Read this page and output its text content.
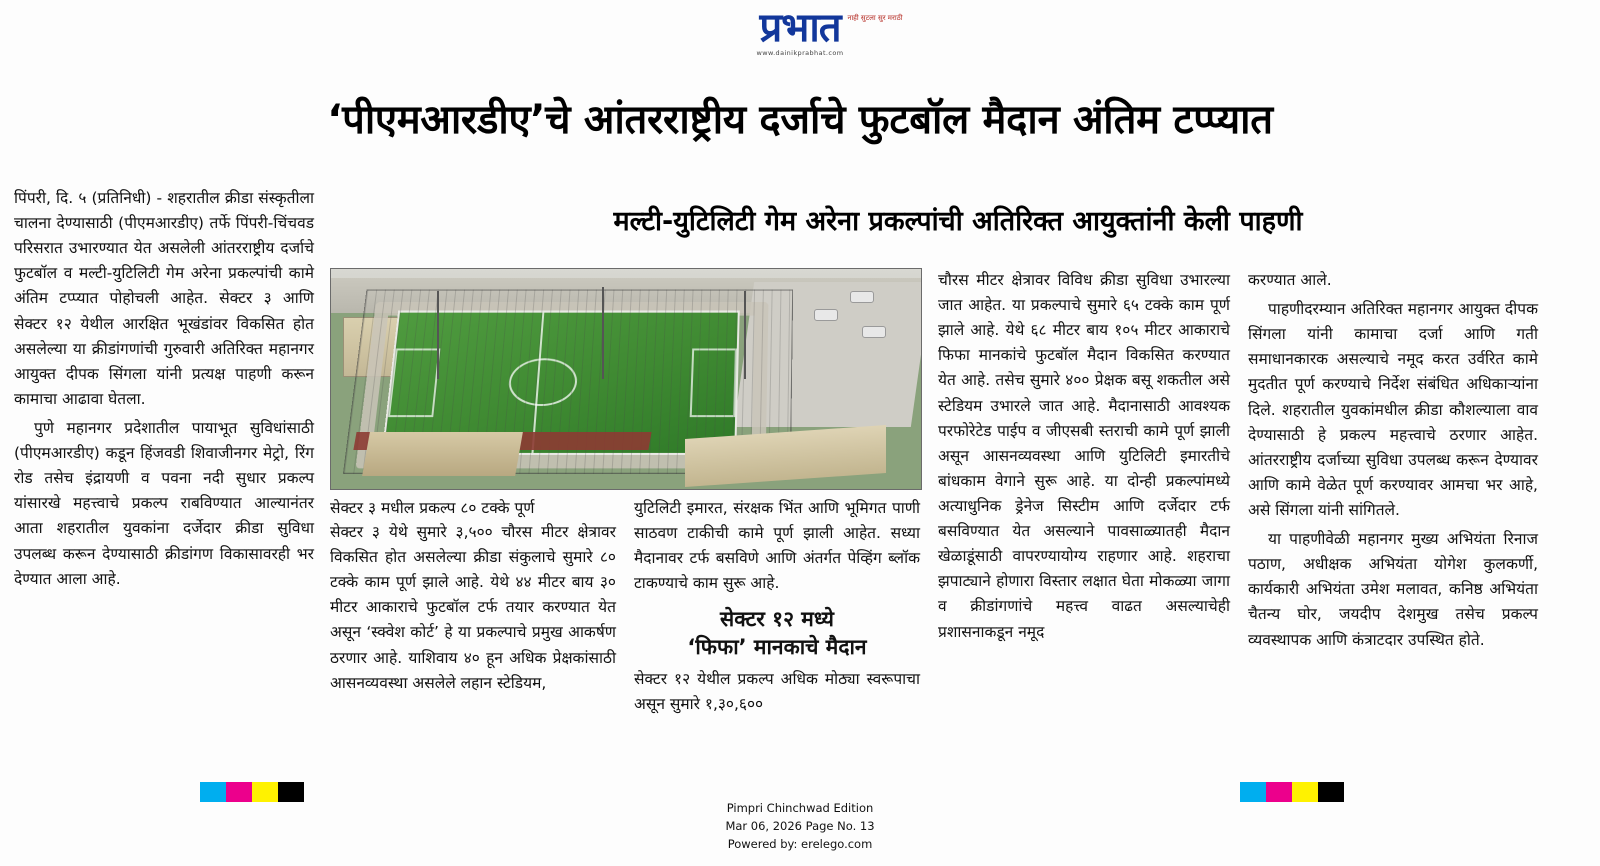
प्रभात नाही सुटला सुर मराठी
www.dainikprabhat.com
‘पीएमआरडीए’चे आंतरराष्ट्रीय दर्जाचे फुटबॉल मैदान अंतिम टप्प्यात
मल्टी-युटिलिटी गेम अरेना प्रकल्पांची अतिरिक्त आयुक्तांनी केली पाहणी

पिंपरी, दि. ५ (प्रतिनिधी) - शहरातील क्रीडा संस्कृतीला चालना देण्यासाठी (पीएमआरडीए) तर्फे पिंपरी-चिंचवड परिसरात उभारण्यात येत असलेली आंतरराष्ट्रीय दर्जाचे फुटबॉल व मल्टी-युटिलिटी गेम अरेना प्रकल्पांची कामे अंतिम टप्प्यात पोहोचली आहेत. सेक्टर ३ आणि सेक्टर १२ येथील आरक्षित भूखंडांवर विकसित होत असलेल्या या क्रीडांगणांची गुरुवारी अतिरिक्त महानगर आयुक्त दीपक सिंगला यांनी प्रत्यक्ष पाहणी करून कामाचा आढावा घेतला.

पुणे महानगर प्रदेशातील पायाभूत सुविधांसाठी (पीएमआरडीए) कडून हिंजवडी शिवाजीनगर मेट्रो, रिंग रोड तसेच इंद्रायणी व पवना नदी सुधार प्रकल्प यांसारखे महत्त्वाचे प्रकल्प राबविण्यात आल्यानंतर आता शहरातील युवकांना दर्जेदार क्रीडा सुविधा उपलब्ध करून देण्यासाठी क्रीडांगण विकासावरही भर देण्यात आला आहे.

सेक्टर ३ मधील प्रकल्प ८० टक्के पूर्ण

सेक्टर ३ येथे सुमारे ३,५०० चौरस मीटर क्षेत्रावर विकसित होत असलेल्या क्रीडा संकुलाचे सुमारे ८० टक्के काम पूर्ण झाले आहे. येथे ४४ मीटर बाय ३० मीटर आकाराचे फुटबॉल टर्फ तयार करण्यात येत असून ‘स्क्वेश कोर्ट’ हे या प्रकल्पाचे प्रमुख आकर्षण ठरणार आहे. याशिवाय ४० हून अधिक प्रेक्षकांसाठी आसनव्यवस्था असलेले लहान स्टेडियम,

युटिलिटी इमारत, संरक्षक भिंत आणि भूमिगत पाणी साठवण टाकीची कामे पूर्ण झाली आहेत. सध्या मैदानावर टर्फ बसविणे आणि अंतर्गत पेव्हिंग ब्लॉक टाकण्याचे काम सुरू आहे.

सेक्टर १२ मध्ये
‘फिफा’ मानकाचे मैदान

सेक्टर १२ येथील प्रकल्प अधिक मोठ्या स्वरूपाचा असून सुमारे १,३०,६००

चौरस मीटर क्षेत्रावर विविध क्रीडा सुविधा उभारल्या जात आहेत. या प्रकल्पाचे सुमारे ६५ टक्के काम पूर्ण झाले आहे. येथे ६८ मीटर बाय १०५ मीटर आकाराचे फिफा मानकांचे फुटबॉल मैदान विकसित करण्यात येत आहे. तसेच सुमारे ४०० प्रेक्षक बसू शकतील असे स्टेडियम उभारले जात आहे. मैदानासाठी आवश्यक परफोरेटेड पाईप व जीएसबी स्तराची कामे पूर्ण झाली असून आसनव्यवस्था आणि युटिलिटी इमारतीचे बांधकाम वेगाने सुरू आहे. या दोन्ही प्रकल्पांमध्ये अत्याधुनिक ड्रेनेज सिस्टीम आणि दर्जेदार टर्फ बसविण्यात येत असल्याने पावसाळ्यातही मैदान खेळाडूंसाठी वापरण्यायोग्य राहणार आहे. शहराचा झपाट्याने होणारा विस्तार लक्षात घेता मोकळ्या जागा व क्रीडांगणांचे महत्त्व वाढत असल्याचेही प्रशासनाकडून नमूद

करण्यात आले.

पाहणीदरम्यान अतिरिक्त महानगर आयुक्त दीपक सिंगला यांनी कामाचा दर्जा आणि गती समाधानकारक असल्याचे नमूद करत उर्वरित कामे मुदतीत पूर्ण करण्याचे निर्देश संबंधित अधिकाऱ्यांना दिले. शहरातील युवकांमधील क्रीडा कौशल्याला वाव देण्यासाठी हे प्रकल्प महत्त्वाचे ठरणार आहेत. आंतरराष्ट्रीय दर्जाच्या सुविधा उपलब्ध करून देण्यावर आणि कामे वेळेत पूर्ण करण्यावर आमचा भर आहे, असे सिंगला यांनी सांगितले.

या पाहणीवेळी महानगर मुख्य अभियंता रिनाज पठाण, अधीक्षक अभियंता योगेश कुलकर्णी, कार्यकारी अभियंता उमेश मलावत, कनिष्ठ अभियंता चैतन्य घोर, जयदीप देशमुख तसेच प्रकल्प व्यवस्थापक आणि कंत्राटदार उपस्थित होते.

Pimpri Chinchwad Edition
Mar 06, 2026 Page No. 13
Powered by: erelego.com
